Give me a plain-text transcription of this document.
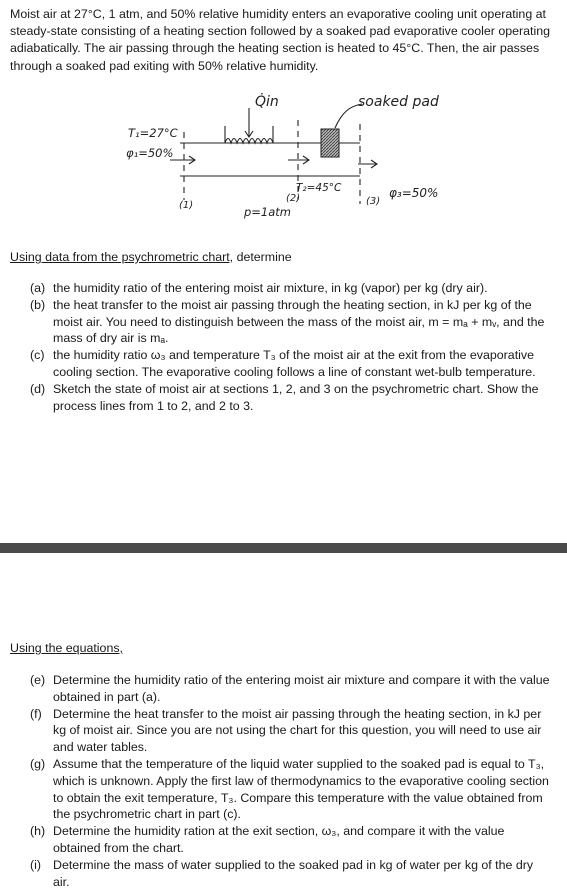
Moist air at 27°C, 1 atm, and 50% relative humidity enters an evaporative cooling unit operating at steady-state consisting of a heating section followed by a soaked pad evaporative cooler operating adiabatically. The air passing through the heating section is heated to 45°C. Then, the air passes through a soaked pad exiting with 50% relative humidity.
Q̇in	soaked pad
T₁=27°C
φ₁=50%
(1)
T₂=45°C
(2)	(3)
φ₃=50%
p=1atm
Using data from the psychrometric chart, determine
(a) the humidity ratio of the entering moist air mixture, in kg (vapor) per kg (dry air).
(b) the heat transfer to the moist air passing through the heating section, in kJ per kg of the moist air. You need to distinguish between the mass of the moist air, m = mₐ + mᵥ, and the mass of dry air is mₐ.
(c) the humidity ratio ω₃ and temperature T₃ of the moist air at the exit from the evaporative cooling section. The evaporative cooling follows a line of constant wet-bulb temperature.
(d) Sketch the state of moist air at sections 1, 2, and 3 on the psychrometric chart. Show the process lines from 1 to 2, and 2 to 3.
Using the equations,
(e) Determine the humidity ratio of the entering moist air mixture and compare it with the value obtained in part (a).
(f) Determine the heat transfer to the moist air passing through the heating section, in kJ per kg of moist air. Since you are not using the chart for this question, you will need to use air and water tables.
(g) Assume that the temperature of the liquid water supplied to the soaked pad is equal to T₃, which is unknown. Apply the first law of thermodynamics to the evaporative cooling section to obtain the exit temperature, T₃. Compare this temperature with the value obtained from the psychrometric chart in part (c).
(h) Determine the humidity ration at the exit section, ω₃, and compare it with the value obtained from the chart.
(i) Determine the mass of water supplied to the soaked pad in kg of water per kg of the dry air.
